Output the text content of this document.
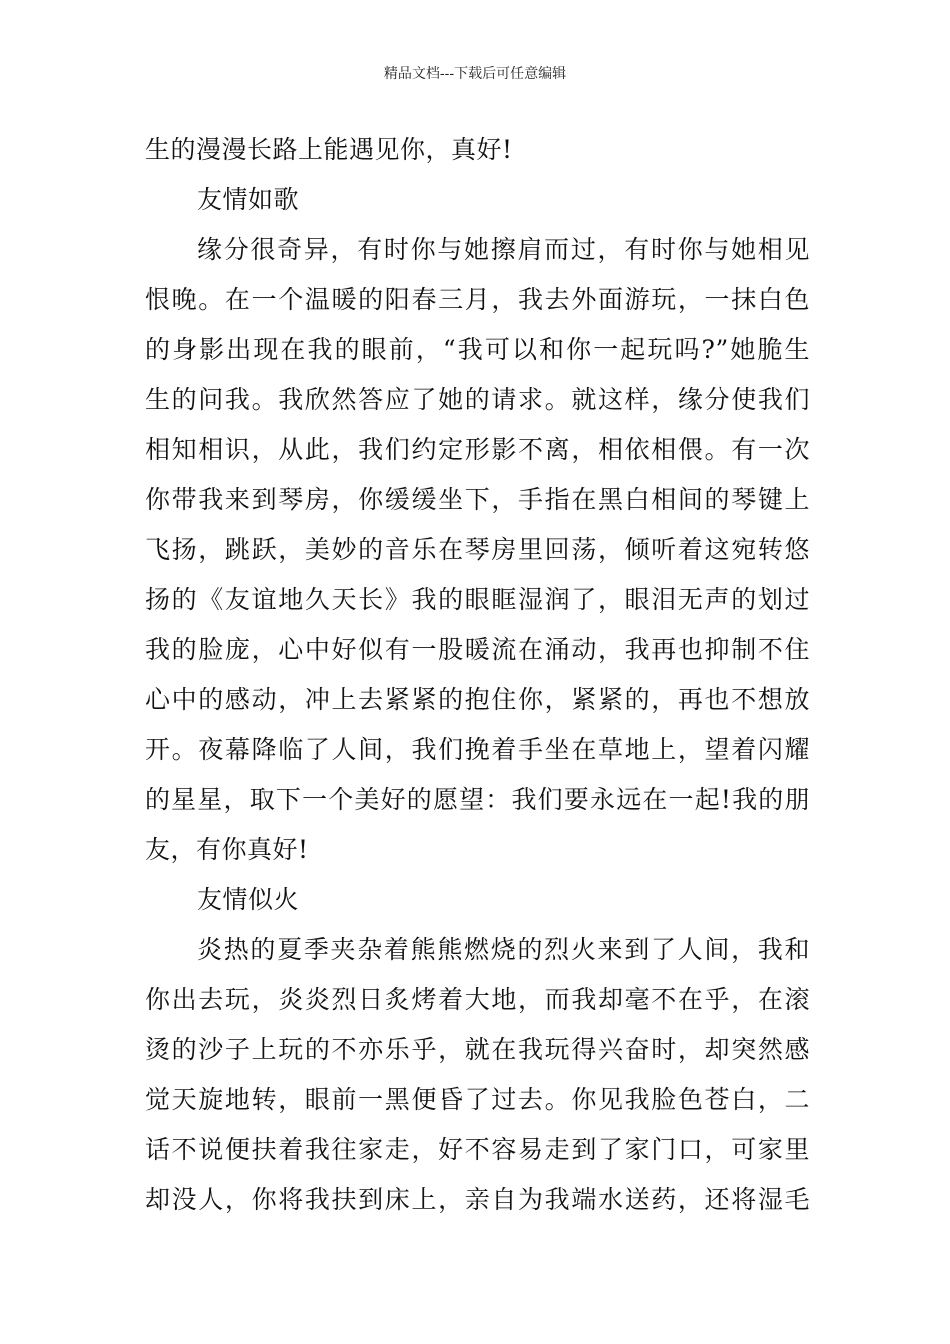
精品文档---下载后可任意编辑
生的漫漫长路上能遇见你，真好!
友情如歌
缘分很奇异，有时你与她擦肩而过，有时你与她相见
恨晚。在一个温暖的阳春三月，我去外面游玩，一抹白色
的身影出现在我的眼前，“我可以和你一起玩吗?”她脆生
生的问我。我欣然答应了她的请求。就这样，缘分使我们
相知相识，从此，我们约定形影不离，相依相偎。有一次
你带我来到琴房，你缓缓坐下，手指在黑白相间的琴键上
飞扬，跳跃，美妙的音乐在琴房里回荡，倾听着这宛转悠
扬的《友谊地久天长》我的眼眶湿润了，眼泪无声的划过
我的脸庞，心中好似有一股暖流在涌动，我再也抑制不住
心中的感动，冲上去紧紧的抱住你，紧紧的，再也不想放
开。夜幕降临了人间，我们挽着手坐在草地上，望着闪耀
的星星，取下一个美好的愿望：我们要永远在一起!我的朋
友，有你真好!
友情似火
炎热的夏季夹杂着熊熊燃烧的烈火来到了人间，我和
你出去玩，炎炎烈日炙烤着大地，而我却毫不在乎，在滚
烫的沙子上玩的不亦乐乎，就在我玩得兴奋时，却突然感
觉天旋地转，眼前一黑便昏了过去。你见我脸色苍白，二
话不说便扶着我往家走，好不容易走到了家门口，可家里
却没人，你将我扶到床上，亲自为我端水送药，还将湿毛
